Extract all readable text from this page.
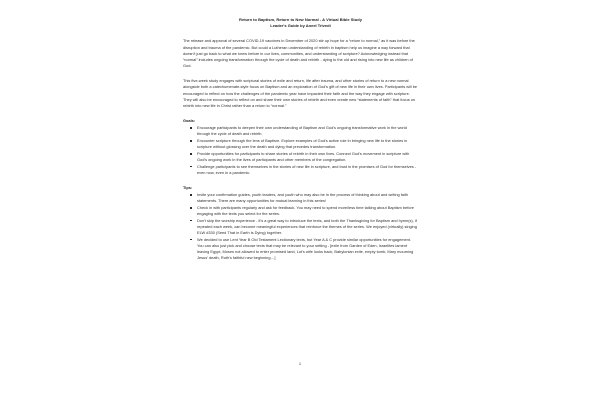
Return to Baptism, Return to New Normal - A Virtual Bible Study
Leader's Guide by Aneel Trivedi

The release and approval of several COVID-19 vaccines in December of 2020 stir up hope for a “return to normal,” as it was before the disruption and trauma of the pandemic. But could a Lutheran understanding of rebirth in baptism help us imagine a way forward that doesn't just go back to what we knew before in our lives, communities, and understanding of scripture? Acknowledging instead that “normal” includes ongoing transformation through the cycle of death and rebirth - dying to the old and rising into new life as children of God.

This five-week study engages with scriptural stories of exile and return, life after trauma, and other stories of return to a new normal alongside both a catechumenate-style focus on Baptism and an exploration of God's gift of new life in their own lives. Participants will be encouraged to reflect on how the challenges of the pandemic year have impacted their faith and the way they engage with scripture. They will also be encouraged to reflect on and share their own stories of rebirth and even create new “statements of faith” that focus on rebirth into new life in Christ rather than a return to “normal.”

Goals:
Encourage participants to deepen their own understanding of Baptism and God's ongoing transformative work in the world through the cycle of death and rebirth.
Encounter scripture through the lens of Baptism. Explore examples of God's active role in bringing new life to the stories in scripture without glossing over the death and dying that precedes transformation.
Provide opportunities for participants to share stories of rebirth in their own lives. Connect God's movement in scripture with God's ongoing work in the lives of participants and other members of the congregation.
Challenge participants to see themselves in the stories of new life in scripture, and trust in the promises of God for themselves - even now, even in a pandemic.
Tips:
Invite your confirmation guides, youth leaders, and youth who may also be in the process of thinking about and writing faith statements. There are many opportunities for mutual learning in this series!
Check in with participants regularly and ask for feedback. You may need to spend more/less time talking about Baptism before engaging with the texts you select for the series.
Don't skip the worship experience - it's a great way to introduce the texts, and both the Thanksgiving for Baptism and hymn(s), if repeated each week, can become meaningful experiences that reinforce the themes of the series. We enjoyed (virtually) singing ELW #330 (Seed That in Earth is Dying) together.
We decided to use Lent Year B Old Testament Lectionary texts, but Year A & C provide similar opportunities for engagement. You can also just pick and choose texts that may be relevant to your setting - [exile from Garden of Eden, Israelites lament leaving Egypt, Moses not allowed to enter promised land, Lot's wife looks back, Babylonian exile, empty tomb, Mary mourning Jesus' death, Ruth's faithful new beginning…]
1
